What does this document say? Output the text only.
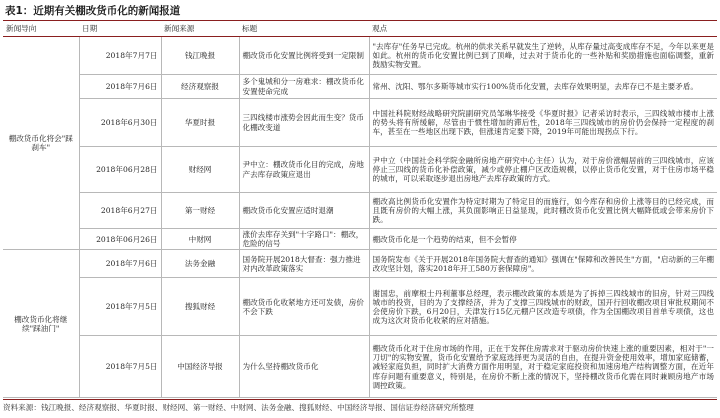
表1：近期有关棚改货币化的新闻报道
新闻导向	日期	新闻来源	标题	观点
棚改货币化将会"踩刹车"	2018年7月7日	钱江晚报	棚改货币化安置比例将受到一定限制	"去库存"任务早已完成。杭州的供求关系早就发生了逆转，从库存量过高变成库存不足，今年以来更是如此。杭州的货币化安置比例已到了顶峰，过去对于货币化的一些补贴和奖励措施也面临调整，重新鼓励实物安置。
	2018年7月6日	经济观察报	多个鬼城和分一房难求：棚改货币化安置使命完成	常州、沈阳、鄂尔多斯等城市实行100%货币化安置，去库存效果明显，去库存已不是主要矛盾。
	2018年6月30日	华夏时报	三四线楼市涨势会因此而生变？货币化棚改变道	中国社科院财经战略研究院副研究员邹琳华接受《华夏时报》记者采访时表示，三四线城市楼市上涨的势头将有所缓解，尽管由于惯性增加的滞后性，2018年三四线城市的房价仍会保持一定程度的刹车，甚至在一些地区出现下跌，但涨速肯定要下降，2019年可能出现拐点下行。
	2018年06月28日	财经网	尹中立：棚改货币化目的完成，房地产去库存政策应退出	尹中立（中国社会科学院金融所房地产研究中心主任）认为，对于房价涨幅居前的三四线城市，应该停止三四线的货币化补偿政策，减少或停止棚户区改造规模，以停止货币化安置，对于住房市场平稳的城市，可以采取逐步退出房地产去库存政策的方式。
	2018年6月27日	第一财经	棚改货币化安置应适时退潮	棚改高比例货币化安置作为特定时期为了特定目的而施行，如今库存和房价上涨等目的已经完成，而且既有房价的大幅上涨，其负面影响正日益显现，此时棚改货币化安置比例大幅降低或会带来房价下跌。
	2018年06月26日	中财网	涨价去库存关到"十字路口"：棚改，危险的信号	棚改货币化是一个趋势的结束，但不会暂停
棚改货币化将继续"踩油门"	2018年7月6日	法务金融	国务院开展2018大督查：强力推进对内改革政策落实	国务院发布《关于开展2018年国务院大督查的通知》强调在"保障和改善民生"方面，"启动新的三年棚改攻坚计划，落实2018年开工580万套保障房"。
	2018年7月5日	搜狐财经	棚改货币化收紧地方还可发债，房价不会下跌	谢国忠，前摩根士丹利董事总经理，表示棚改政策的本质是为了拆掉三四线城市的旧房，针对三四线城市的投资，目的为了支撑经济，并为了支撑三四线城市的财政，国开行回收棚改项目审批权期间不会使房价下跌，6月20日，天津发行15亿元棚户区改造专项债，作为全国棚改项目首单专项债，这也成为这次对货币化收紧的应对措施。
	2018年7月5日	中国经济导报	为什么坚持棚改货币化	棚改货币化对于住房市场的作用，正在于发挥住房需求对于驱动房价快速上涨的重要因素，相对于"一刀切"的实物安置，货币化安置给予家庭选择更为灵活的自由，在提升资金使用效率，增加家庭储蓄，减轻家庭负担，同时扩大消费方面作用明显，对于稳定家庭投资和加速房地产结构调整方面，在近年库存问题有重要意义，特别是，在房价不断上涨的情况下，坚持棚改货币化需在同时兼顾房地产市场调控政策。
资料来源：钱江晚报、经济观察报、华夏时报、财经网、第一财经、中财网、法务金融、搜狐财经、中国经济导报、国信证券经济研究所整理
